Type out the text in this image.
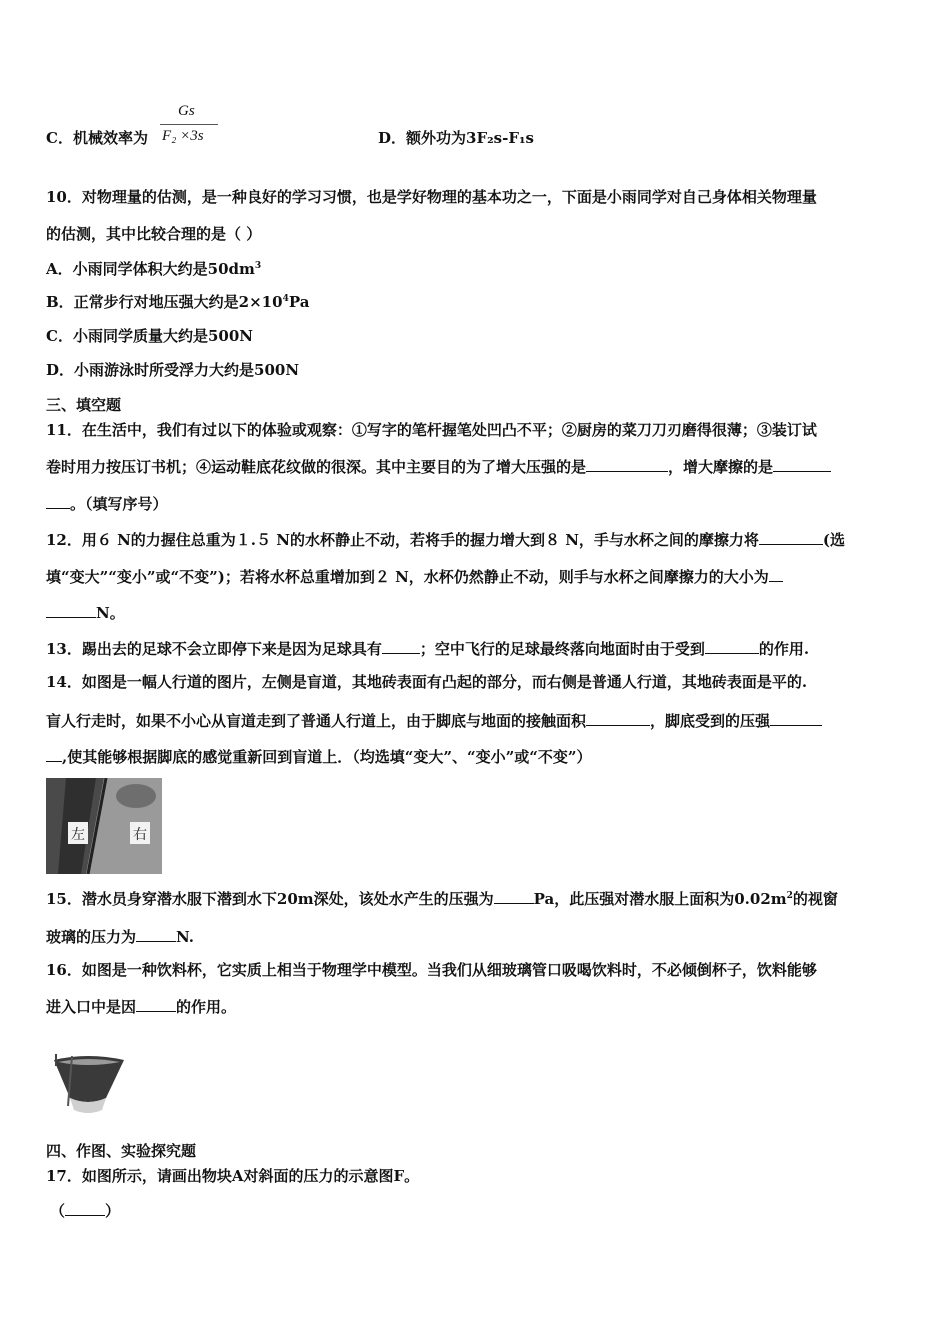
C．机械效率为
Gs
F₂ ×3s	D．额外功为3F₂s-F₁s
10．对物理量的估测，是一种良好的学习习惯，也是学好物理的基本功之一，下面是小雨同学对自己身体相关物理量
的估测，其中比较合理的是（ ）
A．小雨同学体积大约是$50dm^3$
B．正常步行对地压强大约是$2\times 10^4Pa$
C．小雨同学质量大约是500N
D．小雨游泳时所受浮力大约是500N
三、填空题
11．在生活中，我们有过以下的体验或观察：①写字的笔杆握笔处凹凸不平；②厨房的菜刀刀刃磨得很薄；③装订试
卷时用力按压订书机；④运动鞋底花纹做的很深。其中主要目的为了增大压强的是	，增大摩擦的是
。（填写序号）
12．用６ N的力握住总重为１.５ N的水杯静止不动，若将手的握力增大到８ N，手与水杯之间的摩擦力将	(选
填“变大”“变小”或“不变”)；若将水杯总重增加到２ N，水杯仍然静止不动，则手与水杯之间摩擦力的大小为
N。
13．踢出去的足球不会立即停下来是因为足球具有	；空中飞行的足球最终落向地面时由于受到	的作用.
14．如图是一幅人行道的图片，左侧是盲道，其地砖表面有凸起的部分，而右侧是普通人行道，其地砖表面是平的.
盲人行走时，如果不小心从盲道走到了普通人行道上，由于脚底与地面的接触面积	，脚底受到的压强
,使其能够根据脚底的感觉重新回到盲道上．（均选填“变大”、“变小”或“不变”）
左	右
15．潜水员身穿潜水服下潜到水下20m深处，该处水产生的压强为	Pa，此压强对潜水服上面积为$0.02m^2$的视窗
玻璃的压力为	N.
16．如图是一种饮料杯，它实质上相当于物理学中模型。当我们从细玻璃管口吸喝饮料时，不必倾倒杯子，饮料能够
进入口中是因	的作用。
四、作图、实验探究题
17．如图所示，请画出物块A对斜面的压力的示意图F。
（	）
